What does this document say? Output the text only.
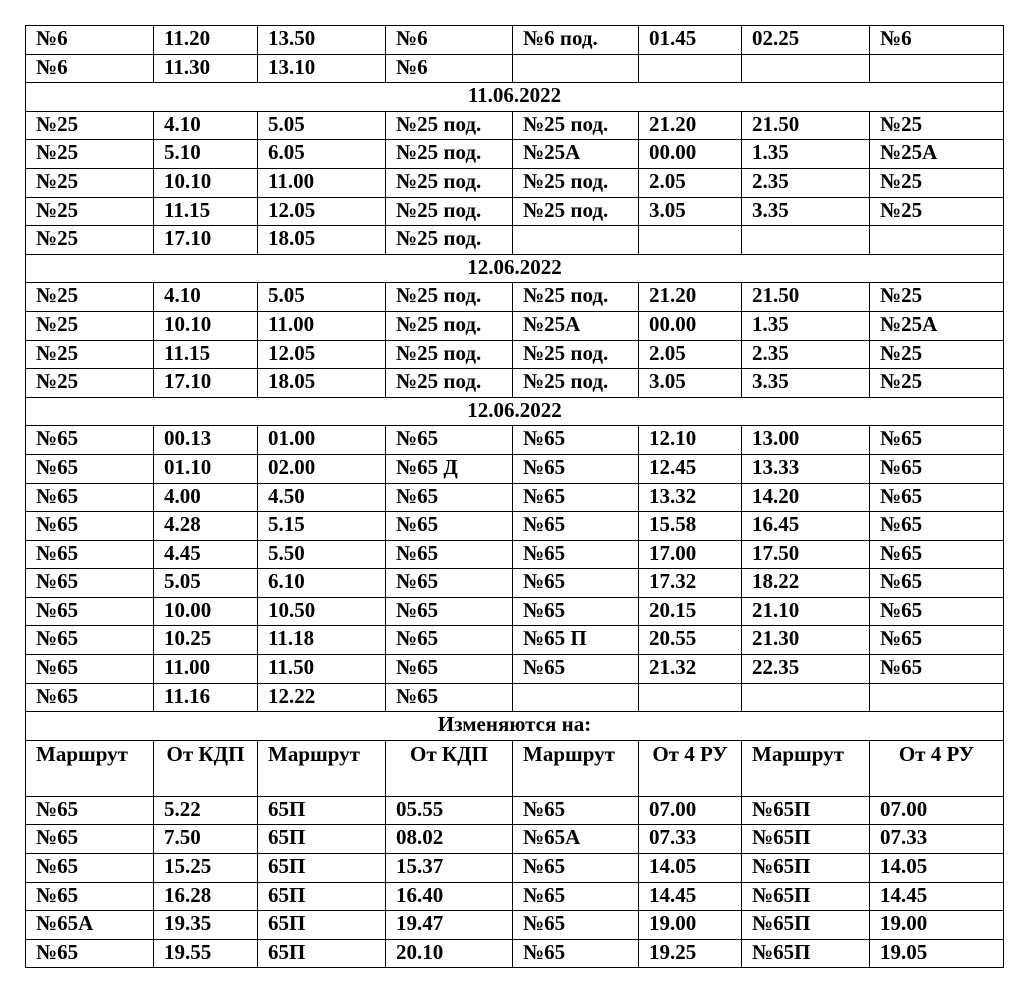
№6	11.20	13.50	№6	№6 под.	01.45	02.25	№6
№6	11.30	13.10	№6				
11.06.2022							
№25	4.10	5.05	№25 под.	№25 под.	21.20	21.50	№25
№25	5.10	6.05	№25 под.	№25А	00.00	1.35	№25А
№25	10.10	11.00	№25 под.	№25 под.	2.05	2.35	№25
№25	11.15	12.05	№25 под.	№25 под.	3.05	3.35	№25
№25	17.10	18.05	№25 под.				
12.06.2022							
№25	4.10	5.05	№25 под.	№25 под.	21.20	21.50	№25
№25	10.10	11.00	№25 под.	№25А	00.00	1.35	№25А
№25	11.15	12.05	№25 под.	№25 под.	2.05	2.35	№25
№25	17.10	18.05	№25 под.	№25 под.	3.05	3.35	№25
12.06.2022							
№65	00.13	01.00	№65	№65	12.10	13.00	№65
№65	01.10	02.00	№65 Д	№65	12.45	13.33	№65
№65	4.00	4.50	№65	№65	13.32	14.20	№65
№65	4.28	5.15	№65	№65	15.58	16.45	№65
№65	4.45	5.50	№65	№65	17.00	17.50	№65
№65	5.05	6.10	№65	№65	17.32	18.22	№65
№65	10.00	10.50	№65	№65	20.15	21.10	№65
№65	10.25	11.18	№65	№65 П	20.55	21.30	№65
№65	11.00	11.50	№65	№65	21.32	22.35	№65
№65	11.16	12.22	№65				
Изменяются на:							
Маршрут	От КДП	Маршрут	От КДП	Маршрут	От 4 РУ	Маршрут	От 4 РУ
№65	5.22	65П	05.55	№65	07.00	№65П	07.00
№65	7.50	65П	08.02	№65А	07.33	№65П	07.33
№65	15.25	65П	15.37	№65	14.05	№65П	14.05
№65	16.28	65П	16.40	№65	14.45	№65П	14.45
№65А	19.35	65П	19.47	№65	19.00	№65П	19.00
№65	19.55	65П	20.10	№65	19.25	№65П	19.05
